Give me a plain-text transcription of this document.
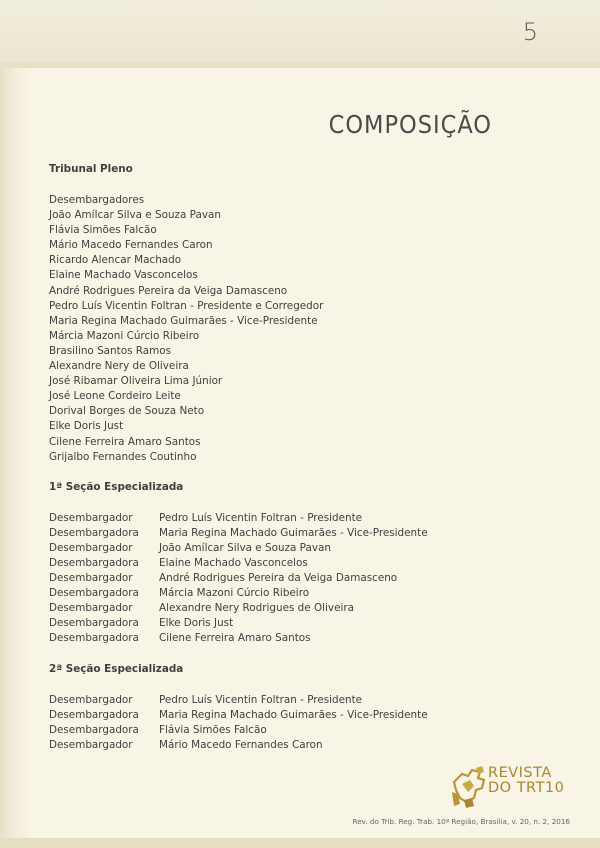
5
COMPOSIÇÃO
Tribunal Pleno
Desembargadores
João Amílcar Silva e Souza Pavan
Flávia Simões Falcão
Mário Macedo Fernandes Caron
Ricardo Alencar Machado
Elaine Machado Vasconcelos
André Rodrigues Pereira da Veiga Damasceno
Pedro Luís Vicentin Foltran - Presidente e Corregedor
Maria Regina Machado Guimarães - Vice-Presidente
Márcia Mazoni Cúrcio Ribeiro
Brasilino Santos Ramos
Alexandre Nery de Oliveira
José Ribamar Oliveira Lima Júnior
José Leone Cordeiro Leite
Dorival Borges de Souza Neto
Elke Doris Just
Cilene Ferreira Amaro Santos
Grijalbo Fernandes Coutinho
1ª Seção Especializada
Desembargador	Pedro Luís Vicentin Foltran - Presidente
Desembargadora	Maria Regina Machado Guimarães - Vice-Presidente
Desembargador	João Amílcar Silva e Souza Pavan
Desembargadora	Elaine Machado Vasconcelos
Desembargador	André Rodrigues Pereira da Veiga Damasceno
Desembargadora	Márcia Mazoni Cúrcio Ribeiro
Desembargador	Alexandre Nery Rodrigues de Oliveira
Desembargadora	Elke Doris Just
Desembargadora	Cilene Ferreira Amaro Santos
2ª Seção Especializada
Desembargador	Pedro Luís Vicentin Foltran - Presidente
Desembargadora	Maria Regina Machado Guimarães - Vice-Presidente
Desembargadora	Flávia Simões Falcão
Desembargador	Mário Macedo Fernandes Caron
REVISTA
DO TRT10
Rev. do Trib. Reg. Trab. 10ª Região, Brasília, v. 20, n. 2, 2016
